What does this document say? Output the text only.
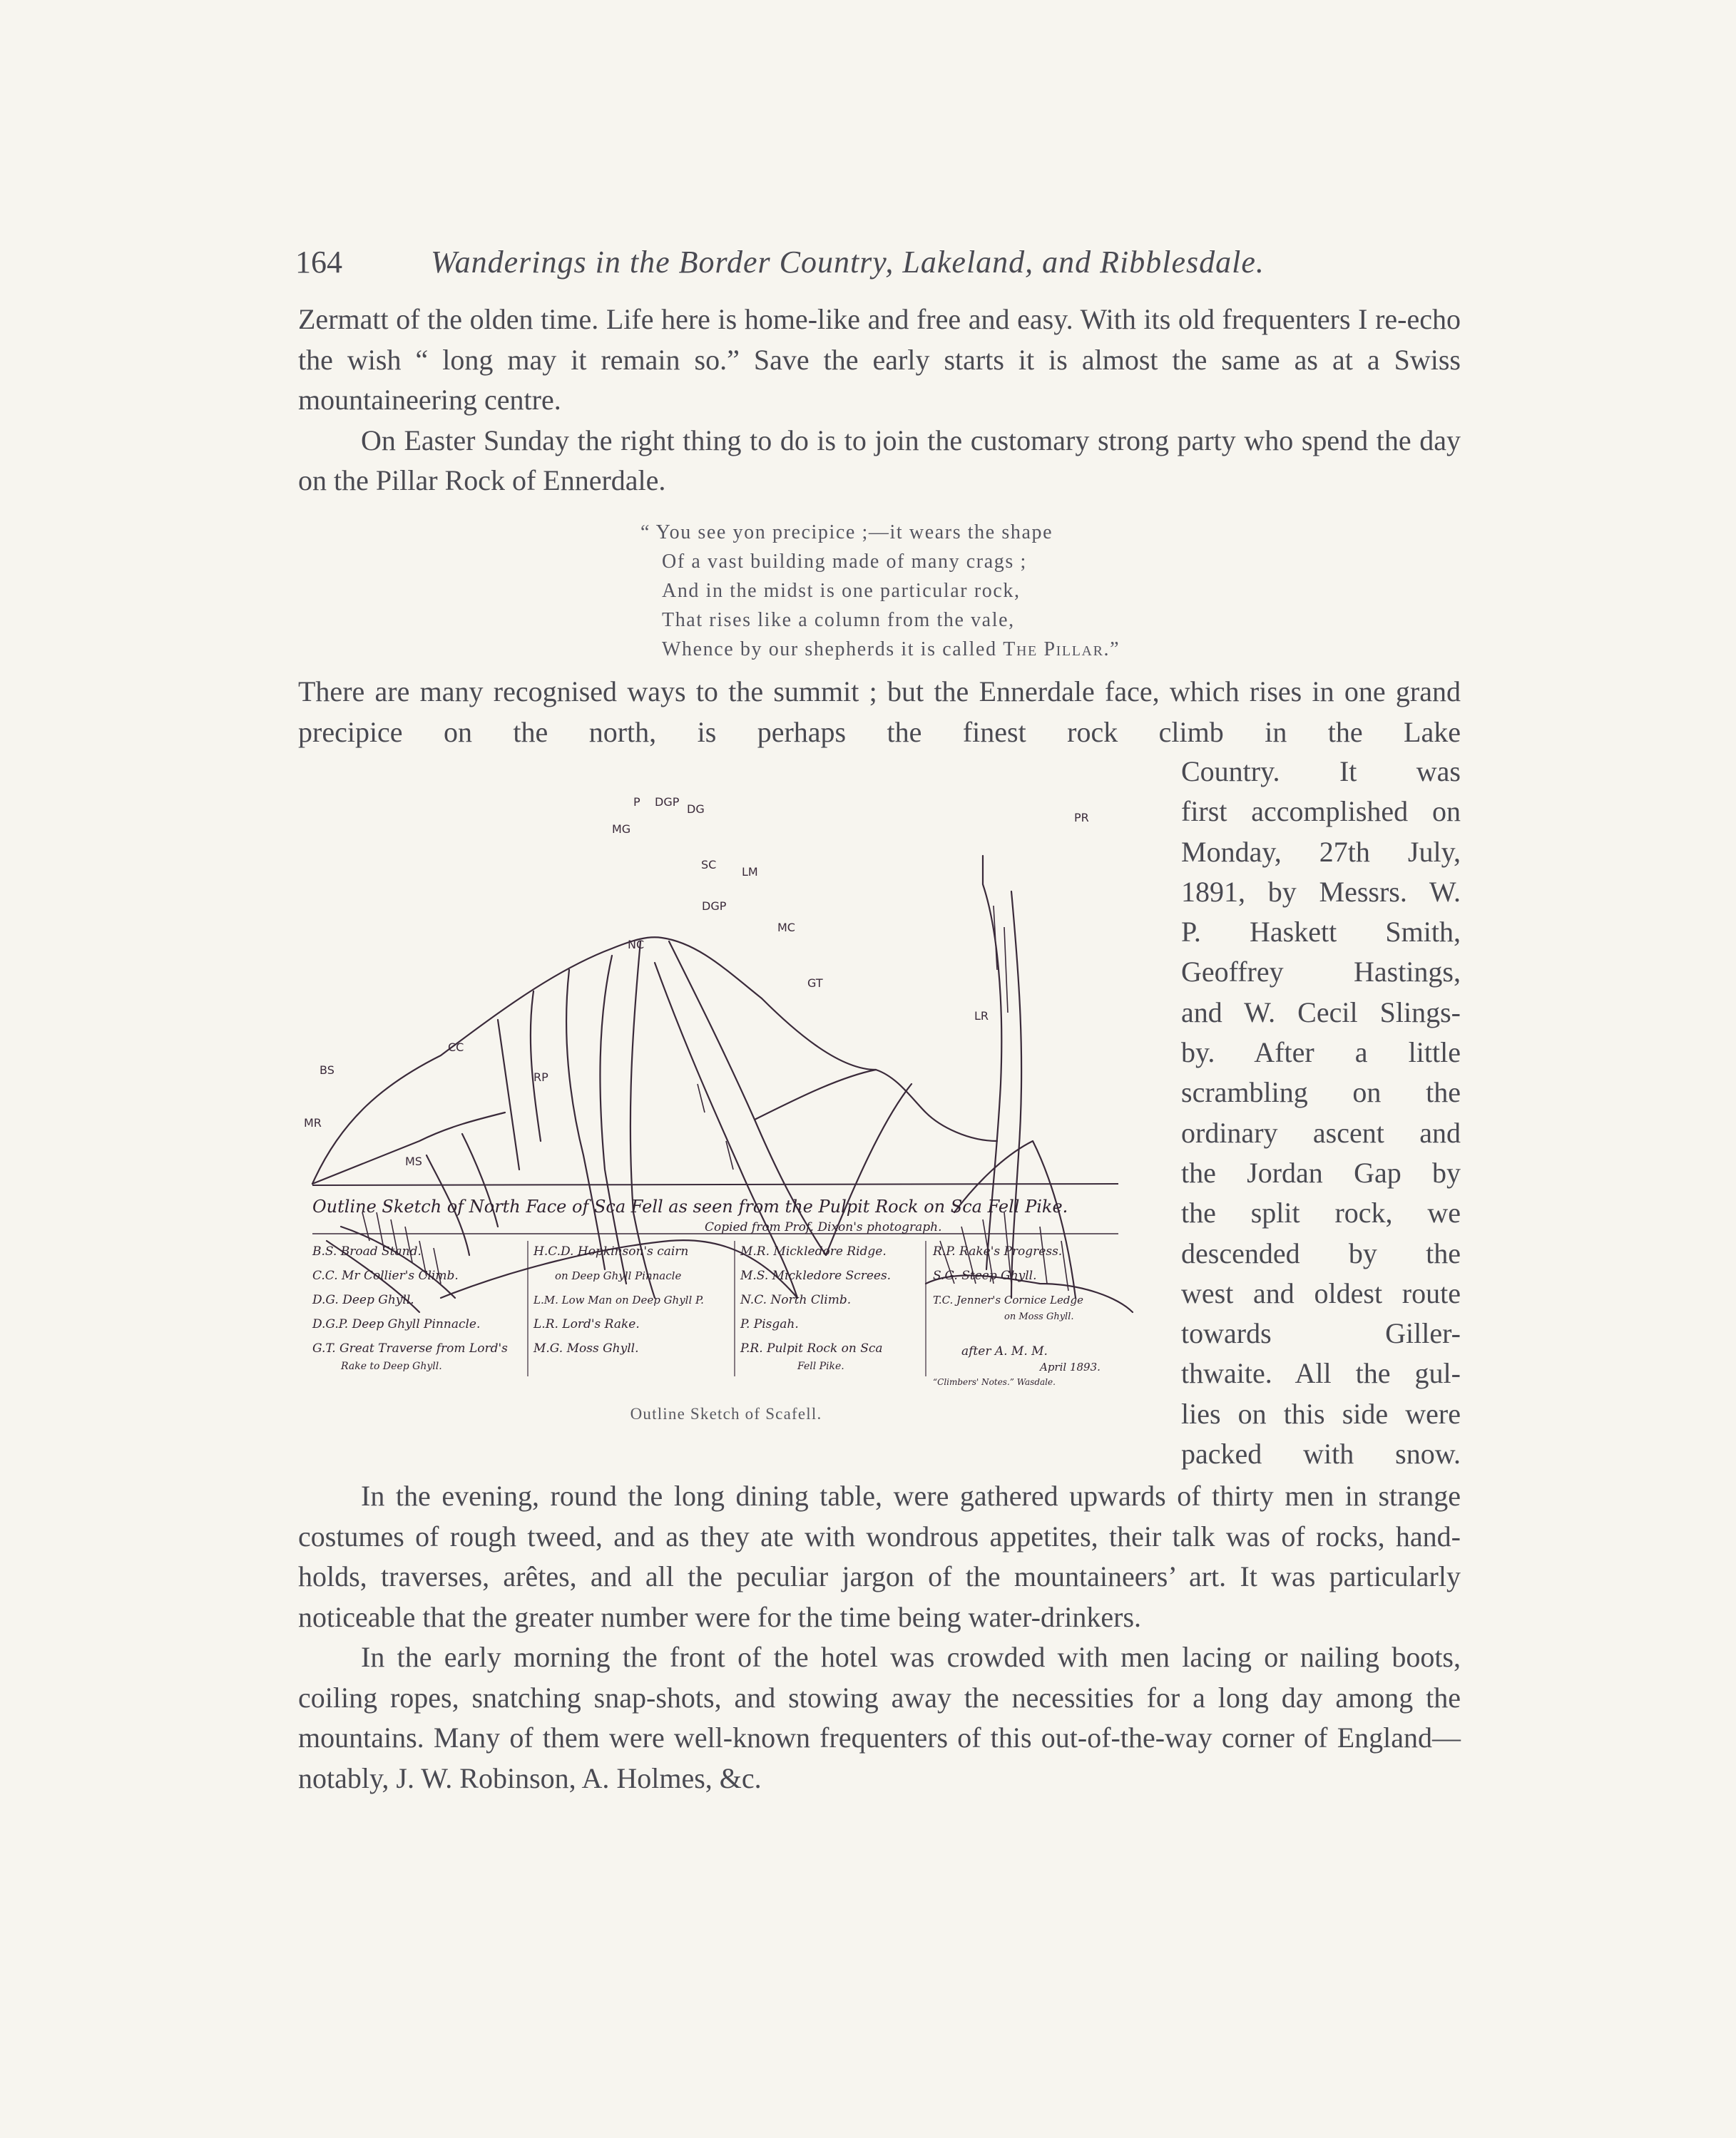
164	Wanderings in the Border Country, Lakeland, and Ribblesdale.

Zermatt of the olden time. Life here is home-like and free and easy. With its old frequenters I re-echo the wish “ long may it remain so.” Save the early starts it is almost the same as at a Swiss mountaineering centre.

On Easter Sunday the right thing to do is to join the customary strong party who spend the day on the Pillar Rock of Ennerdale.

“ You see yon precipice ;—it wears the shape
Of a vast building made of many crags ;
And in the midst is one particular rock,
That rises like a column from the vale,
Whence by our shepherds it is called The Pillar.”

There are many recognised ways to the summit ; but the Ennerdale face, which rises in one grand precipice on the north, is perhaps the finest rock climb in the Lake

Country. It was
first accomplished on
Monday, 27th July,
1891, by Messrs. W.
P. Haskett Smith,
Geoffrey Hastings,
and W. Cecil Slings-
by. After a little
scrambling on the
ordinary ascent and
the Jordan Gap by
the split rock, we
descended by the
west and oldest route
towards Giller-
thwaite. All the gul-
lies on this side were
packed with snow.
P DGP
DG
MG
SC
LM
NC
GT
CC
BS
RP
MS
MR
PR
LR
DGP
MC
Outline Sketch of North Face of Sca Fell as seen from the Pulpit Rock on Sca Fell Pike.
Copied from Prof. Dixon's photograph.
B.S. Broad Stand.
C.C. Mr Collier's Climb.
D.G. Deep Ghyll.
D.G.P. Deep Ghyll Pinnacle.
G.T. Great Traverse from Lord's
Rake to Deep Ghyll.
H.C.D. Hopkinson's cairn
on Deep Ghyll Pinnacle
L.M. Low Man on Deep Ghyll P.
L.R. Lord's Rake.
M.G. Moss Ghyll.
M.R. Mickledore Ridge.
M.S. Mickledore Screes.
N.C. North Climb.
P. Pisgah.
P.R. Pulpit Rock on Sca
Fell Pike.
R.P. Rake's Progress.
S.G. Steep Ghyll.
T.C. Jenner's Cornice Ledge
on Moss Ghyll.
after A. M. M.
April 1893.
“Climbers' Notes.” Wasdale.
Outline Sketch of Scafell.

In the evening, round the long dining table, were gathered upwards of thirty men in strange costumes of rough tweed, and as they ate with wondrous appetites, their talk was of rocks, hand-holds, traverses, arêtes, and all the peculiar jargon of the mountaineers’ art. It was particularly noticeable that the greater number were for the time being water-drinkers.

In the early morning the front of the hotel was crowded with men lacing or nailing boots, coiling ropes, snatching snap-shots, and stowing away the necessities for a long day among the mountains. Many of them were well-known frequenters of this out-of-the-way corner of England—notably, J. W. Robinson, A. Holmes, &c.
